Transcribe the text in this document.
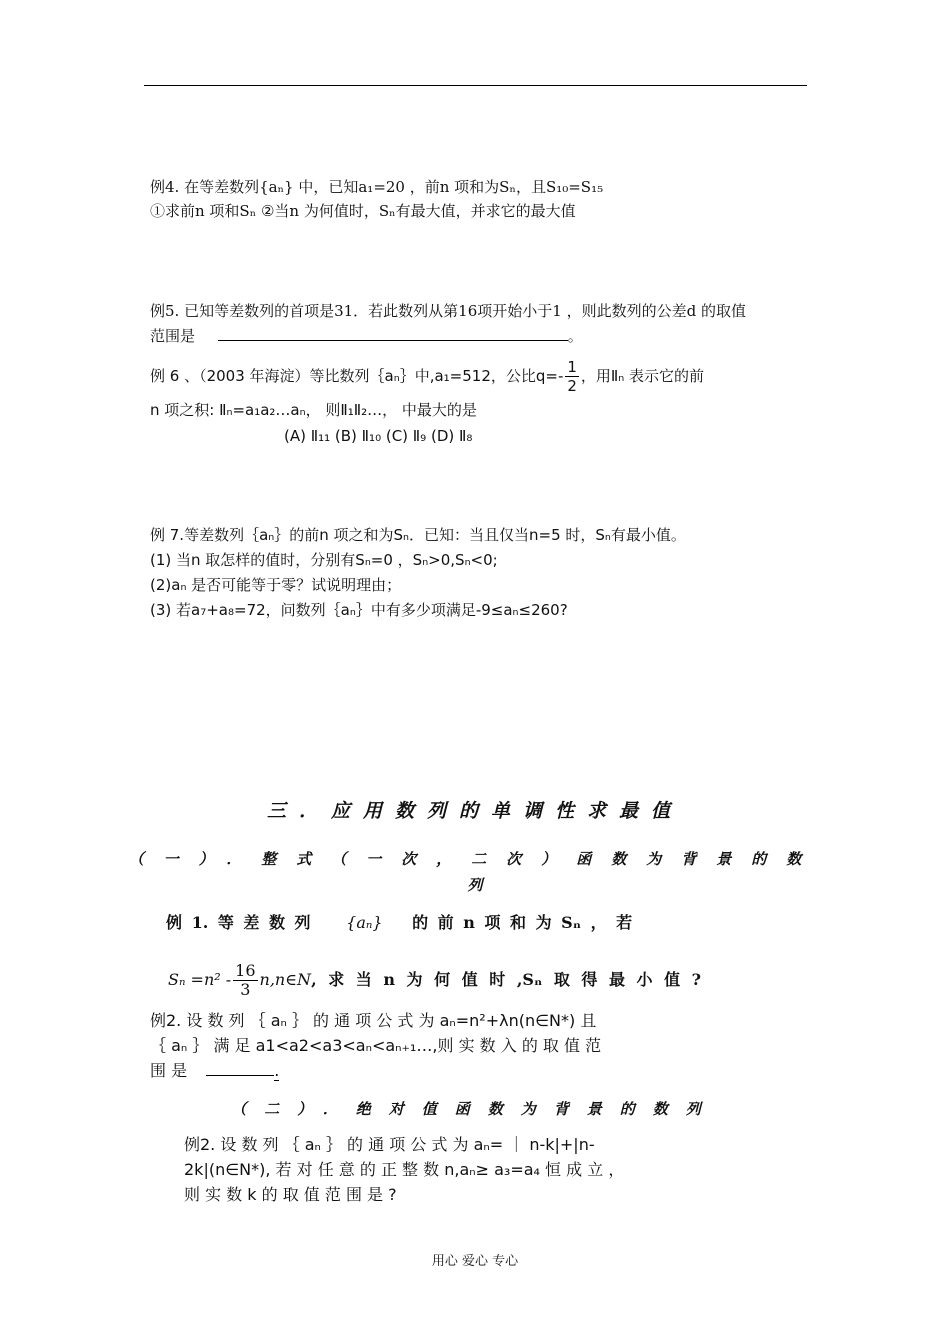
例4. 在等差数列{aₙ} 中，已知a₁=20 ，前n 项和为Sₙ，且S₁₀=S₁₅
①求前n 项和Sₙ ②当n 为何值时，Sₙ有最大值，并求它的最大值
例5. 已知等差数列的首项是31．若此数列从第16项开始小于1 ，则此数列的公差d 的取值
范围是	。
例 6 、（2003 年海淀）等比数列｛aₙ｝中,a₁=512，公比$q=- \frac{1}{2}$ ，用Ⅱₙ 表示它的前
n 项之积: Ⅱₙ=a₁a₂…aₙ， 则Ⅱ₁Ⅱ₂…， 中最大的是
(A) Ⅱ₁₁ (B) Ⅱ₁₀ (C) Ⅱ₉ (D) Ⅱ₈
例 7.等差数列｛aₙ｝的前n 项之和为Sₙ．已知：当且仅当n=5 时，Sₙ有最小值。
(1) 当n 取怎样的值时，分别有Sₙ=0 ，Sₙ>0,Sₙ<0;
(2)aₙ 是否可能等于零？试说明理由；
(3) 若a₇+a₈=72，问数列｛aₙ｝中有多少项满足-9≤aₙ≤260?
三．应用数列的单调性求最值
（一）．整式（一次，二次）函数为背景的数
列
例 1. 等 差 数 列 {aₙ} 的 前 n 项 和 为 Sₙ ， 若
$S_n =n^2 - \frac{16}{3}$ n,n∈N, 求 当 n 为 何 值 时 ,Sₙ 取 得 最 小 值 ?
例2. 设 数 列 ｛ aₙ ｝ 的 通 项 公 式 为 aₙ=n²+λn(n∈N*) 且
｛ aₙ ｝ 满 足 a1<a2<a3<aₙ<aₙ₊₁…,则 实 数 入 的 取 值 范
围 是	.
（二）．绝对值函数为背景的数列
例2. 设 数 列 ｛ aₙ ｝ 的 通 项 公 式 为 aₙ= ｜ n-k|+|n-
2k|(n∈N*), 若 对 任 意 的 正 整 数 n,aₙ≥ a₃=a₄ 恒 成 立 ，
则 实 数 k 的 取 值 范 围 是 ?
用心 爱心 专心
